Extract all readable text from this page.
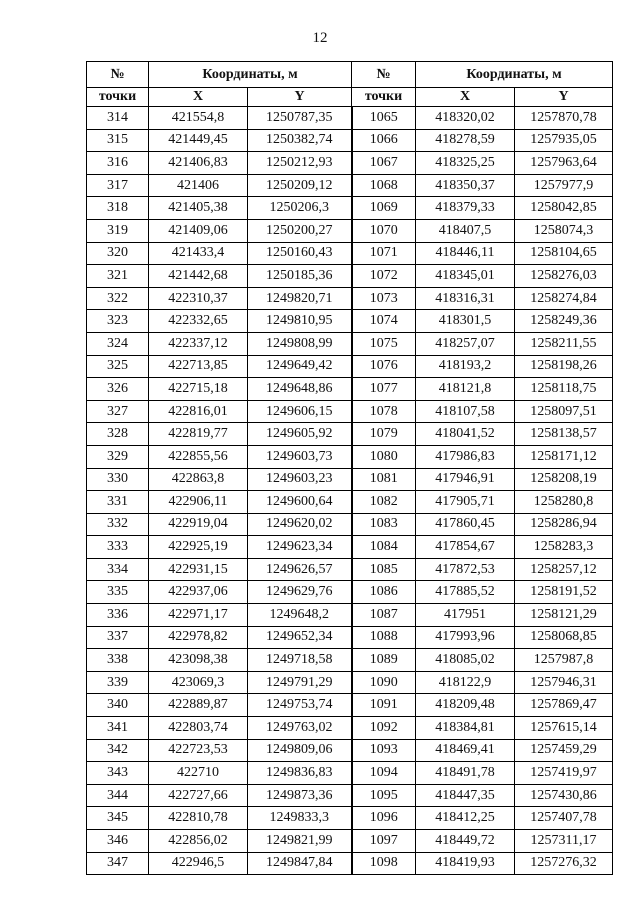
12
№	Координаты, м		№	Координаты, м	
точки	X	Y	точки	X	Y
314	421554,8	1250787,35	1065	418320,02	1257870,78
315	421449,45	1250382,74	1066	418278,59	1257935,05
316	421406,83	1250212,93	1067	418325,25	1257963,64
317	421406	1250209,12	1068	418350,37	1257977,9
318	421405,38	1250206,3	1069	418379,33	1258042,85
319	421409,06	1250200,27	1070	418407,5	1258074,3
320	421433,4	1250160,43	1071	418446,11	1258104,65
321	421442,68	1250185,36	1072	418345,01	1258276,03
322	422310,37	1249820,71	1073	418316,31	1258274,84
323	422332,65	1249810,95	1074	418301,5	1258249,36
324	422337,12	1249808,99	1075	418257,07	1258211,55
325	422713,85	1249649,42	1076	418193,2	1258198,26
326	422715,18	1249648,86	1077	418121,8	1258118,75
327	422816,01	1249606,15	1078	418107,58	1258097,51
328	422819,77	1249605,92	1079	418041,52	1258138,57
329	422855,56	1249603,73	1080	417986,83	1258171,12
330	422863,8	1249603,23	1081	417946,91	1258208,19
331	422906,11	1249600,64	1082	417905,71	1258280,8
332	422919,04	1249620,02	1083	417860,45	1258286,94
333	422925,19	1249623,34	1084	417854,67	1258283,3
334	422931,15	1249626,57	1085	417872,53	1258257,12
335	422937,06	1249629,76	1086	417885,52	1258191,52
336	422971,17	1249648,2	1087	417951	1258121,29
337	422978,82	1249652,34	1088	417993,96	1258068,85
338	423098,38	1249718,58	1089	418085,02	1257987,8
339	423069,3	1249791,29	1090	418122,9	1257946,31
340	422889,87	1249753,74	1091	418209,48	1257869,47
341	422803,74	1249763,02	1092	418384,81	1257615,14
342	422723,53	1249809,06	1093	418469,41	1257459,29
343	422710	1249836,83	1094	418491,78	1257419,97
344	422727,66	1249873,36	1095	418447,35	1257430,86
345	422810,78	1249833,3	1096	418412,25	1257407,78
346	422856,02	1249821,99	1097	418449,72	1257311,17
347	422946,5	1249847,84	1098	418419,93	1257276,32
